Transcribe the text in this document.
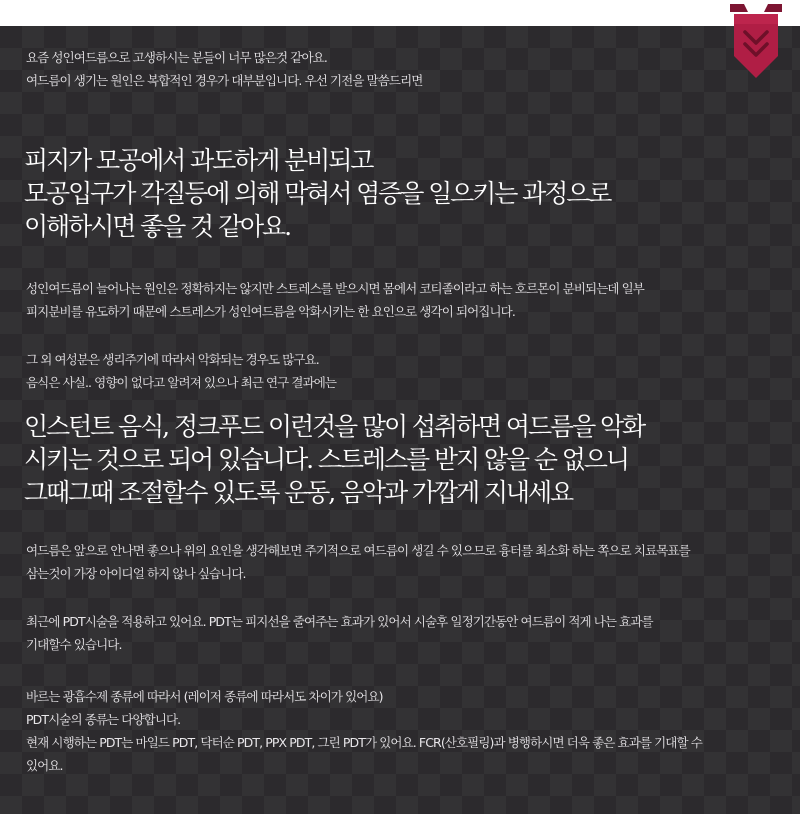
요즘 성인여드름으로 고생하시는 분들이 너무 많은것 같아요.
여드름이 생기는 원인은 복합적인 경우가 대부분입니다. 우선 기전을 말씀드리면

피지가 모공에서 과도하게 분비되고
모공입구가 각질등에 의해 막혀서 염증을 일으키는 과정으로
이해하시면 좋을 것 같아요.

성인여드름이 늘어나는 원인은 정확하지는 않지만 스트레스를 받으시면 몸에서 코티졸이라고 하는 호르몬이 분비되는데 일부
피지분비를 유도하기 때문에 스트레스가 성인여드름을 악화시키는 한 요인으로 생각이 되어집니다.

그 외 여성분은 생리주기에 따라서 악화되는 경우도 많구요.
음식은 사실.. 영향이 없다고 알려져 있으나 최근 연구 결과에는

인스턴트 음식, 정크푸드 이런것을 많이 섭취하면 여드름을 악화
시키는 것으로 되어 있습니다. 스트레스를 받지 않을 순 없으니
그때그때 조절할수 있도록 운동, 음악과 가깝게 지내세요

여드름은 앞으로 안나면 좋으나 위의 요인을 생각해보면 주기적으로 여드름이 생길 수 있으므로 흉터를 최소화 하는 쪽으로 치료목표를
삼는것이 가장 아이디얼 하지 않나 싶습니다.

최근에 PDT시술을 적용하고 있어요. PDT는 피지선을 줄여주는 효과가 있어서 시술후 일정기간동안 여드름이 적게 나는 효과를
기대할수 있습니다.

바르는 광흡수제 종류에 따라서 (레이저 종류에 따라서도 차이가 있어요)
PDT시술의 종류는 다양합니다.
현재 시행하는 PDT는 마일드 PDT, 닥터순 PDT, PPX PDT, 그린 PDT가 있어요. FCR(산호필링)과 병행하시면 더욱 좋은 효과를 기대할 수
있어요.
